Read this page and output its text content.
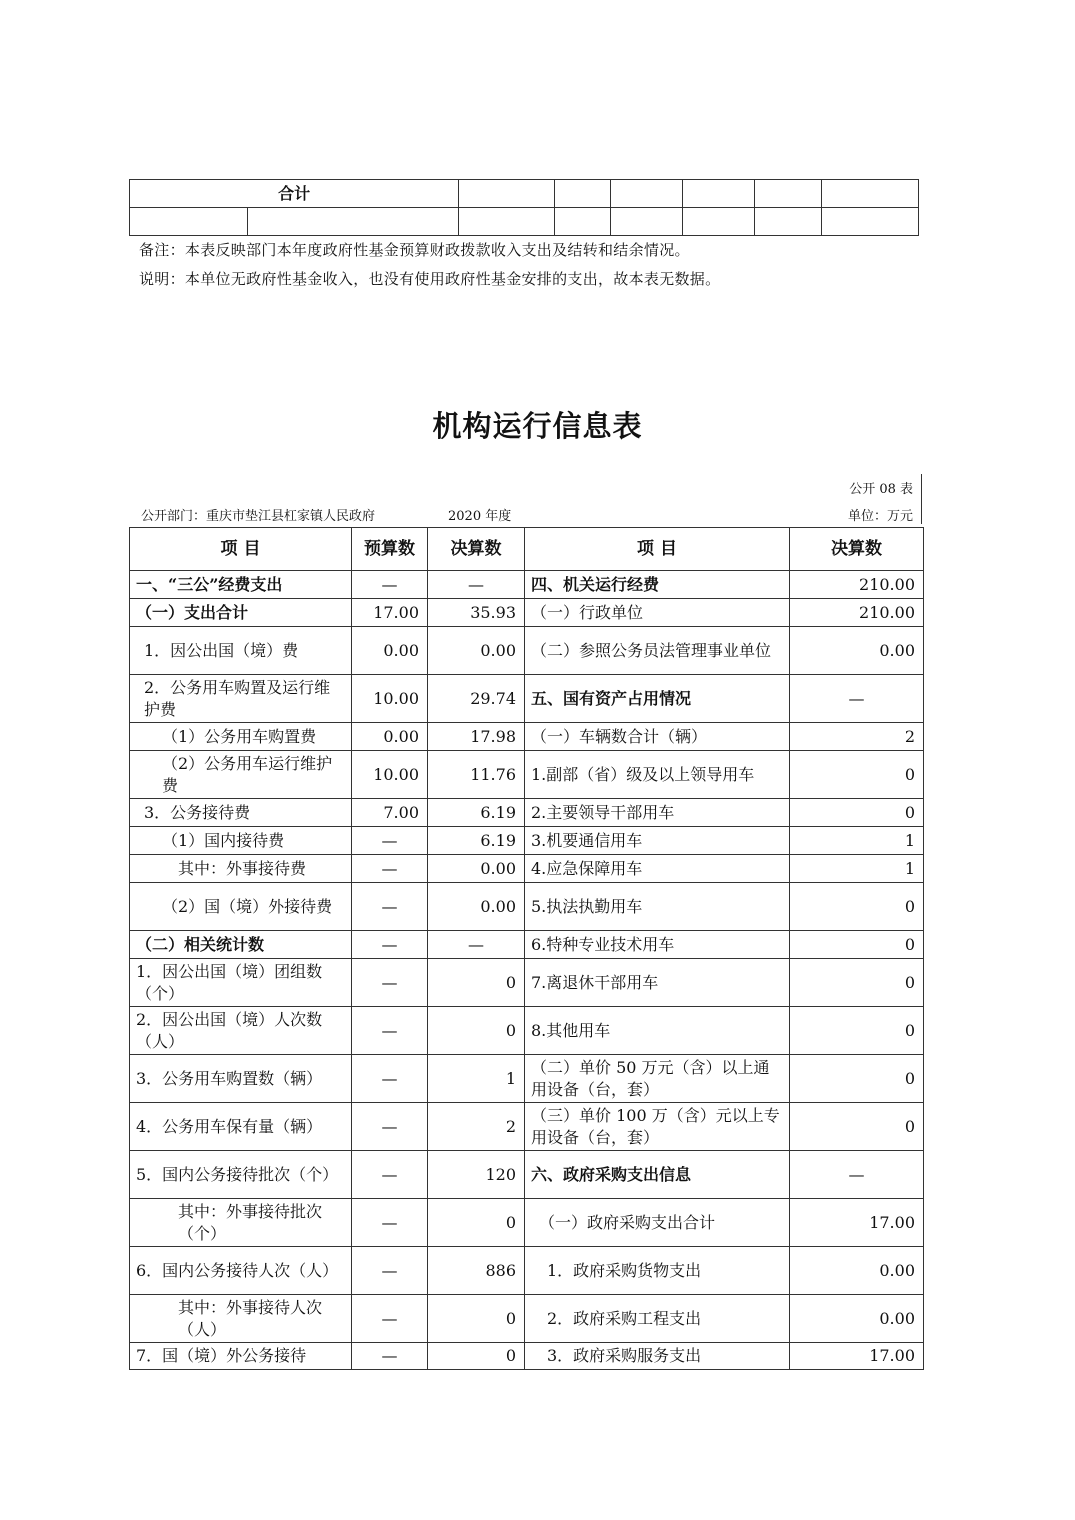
合计							

备注：本表反映部门本年度政府性基金预算财政拨款收入支出及结转和结余情况。
说明：本单位无政府性基金收入，也没有使用政府性基金安排的支出，故本表无数据。
机构运行信息表
公开 08 表
公开部门：重庆市垫江县杠家镇人民政府	2020 年度	单位：万元
项 目	预算数	决算数	项 目	决算数
一、“三公”经费支出	—	—	四、机关运行经费	210.00
（一）支出合计	17.00	35.93	（一）行政单位	210.00
1．因公出国（境）费	0.00	0.00	（二）参照公务员法管理事业单位	0.00
2．公务用车购置及运行维护费	10.00	29.74	五、国有资产占用情况	—
（1）公务用车购置费	0.00	17.98	（一）车辆数合计（辆）	2
（2）公务用车运行维护费	10.00	11.76	1.副部（省）级及以上领导用车	0
3．公务接待费	7.00	6.19	2.主要领导干部用车	0
（1）国内接待费	—	6.19	3.机要通信用车	1
其中：外事接待费	—	0.00	4.应急保障用车	1
（2）国（境）外接待费	—	0.00	5.执法执勤用车	0
（二）相关统计数	—	—	6.特种专业技术用车	0
1．因公出国（境）团组数（个）	—	0	7.离退休干部用车	0
2．因公出国（境）人次数（人）	—	0	8.其他用车	0
3．公务用车购置数（辆）	—	1	（二）单价 50 万元（含）以上通用设备（台，套）	0
4．公务用车保有量（辆）	—	2	（三）单价 100 万（含）元以上专用设备（台，套）	0
5．国内公务接待批次（个）	—	120	六、政府采购支出信息	—
其中：外事接待批次（个）	—	0	（一）政府采购支出合计	17.00
6．国内公务接待人次（人）	—	886	1．政府采购货物支出	0.00
其中：外事接待人次（人）	—	0	2．政府采购工程支出	0.00
7．国（境）外公务接待	—	0	3．政府采购服务支出	17.00
